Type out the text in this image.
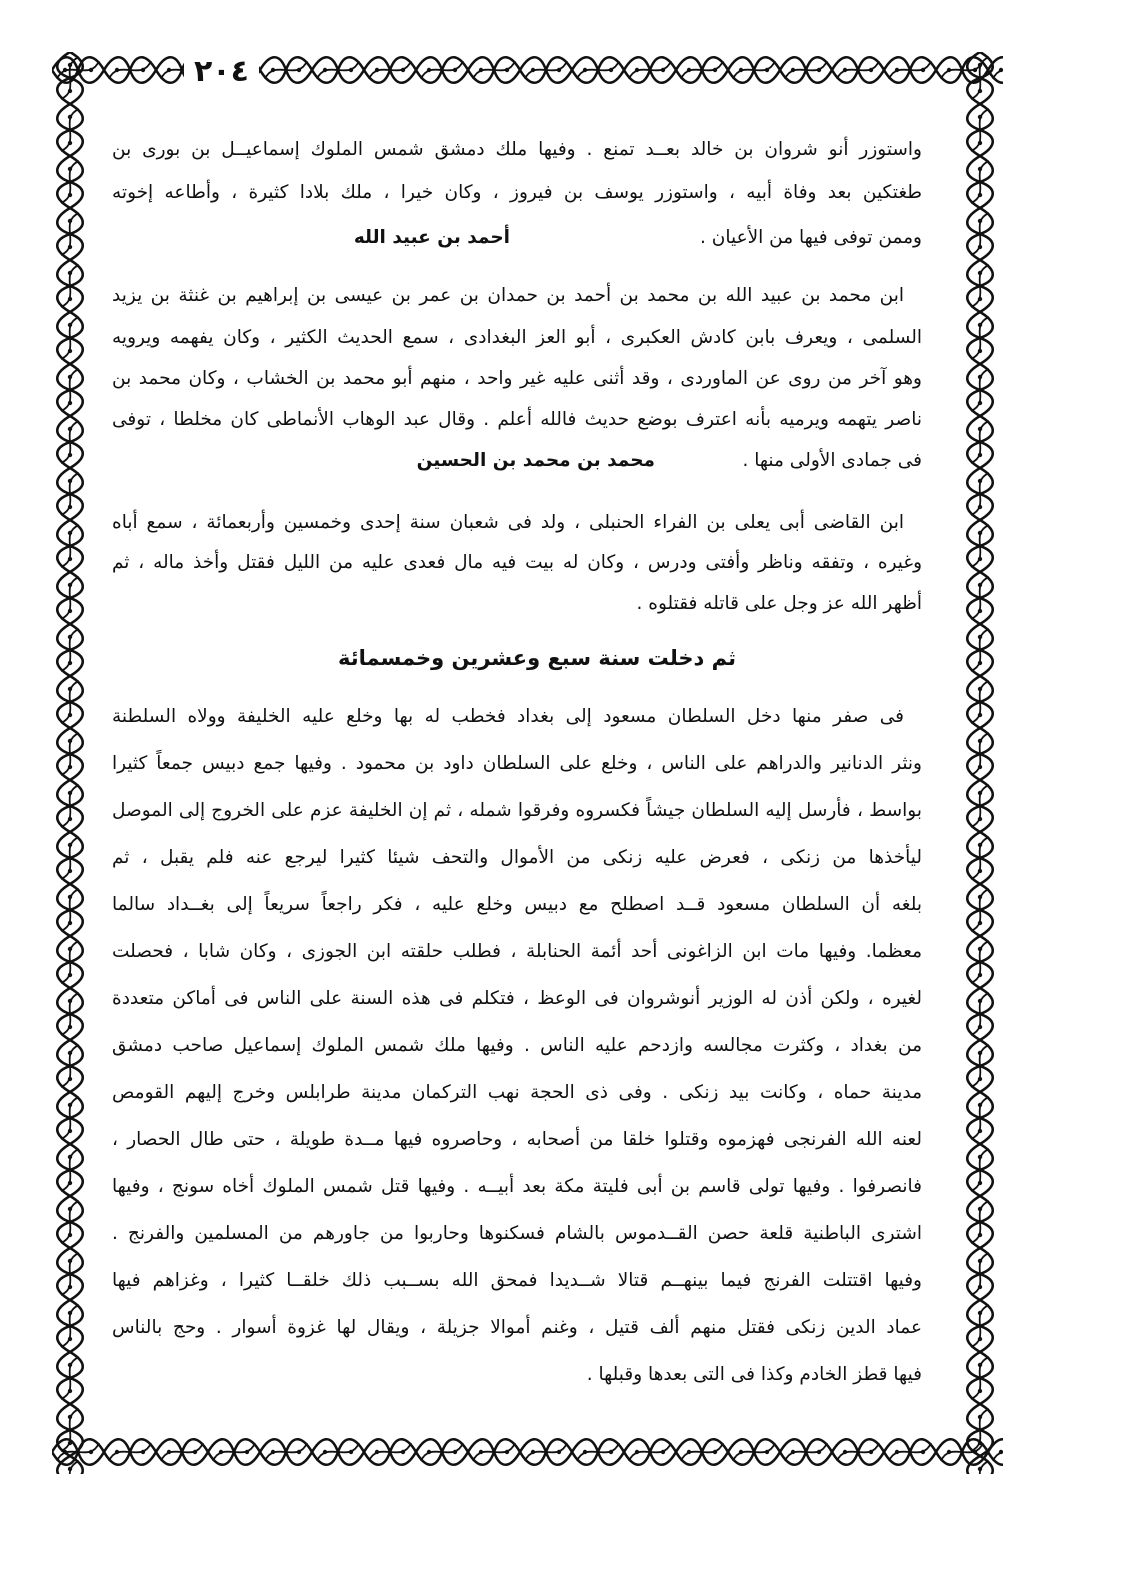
٢٠٤
واستوزر أنو شروان بن خالد بعــد تمنع . وفيها ملك دمشق شمس الملوك إسماعيــل بن بورى بن
طغتكين بعد وفاة أبيه ، واستوزر يوسف بن فيروز ، وكان خيرا ، ملك بلادا كثيرة ، وأطاعه إخوته
وممن توفى فيها من الأعيان .
أحمد بن عبيد الله
ابن محمد بن عبيد الله بن محمد بن أحمد بن حمدان بن عمر بن عيسى بن إبراهيم بن غنثة بن يزيد
السلمى ، ويعرف بابن كادش العكبرى ، أبو العز البغدادى ، سمع الحديث الكثير ، وكان يفهمه ويرويه
وهو آخر من روى عن الماوردى ، وقد أثنى عليه غير واحد ، منهم أبو محمد بن الخشاب ، وكان محمد بن
ناصر يتهمه ويرميه بأنه اعترف بوضع حديث فالله أعلم . وقال عبد الوهاب الأنماطى كان مخلطا ، توفى
فى جمادى الأولى منها .
محمد بن محمد بن الحسين
ابن القاضى أبى يعلى بن الفراء الحنبلى ، ولد فى شعبان سنة إحدى وخمسين وأربعمائة ، سمع أباه
وغيره ، وتفقه وناظر وأفتى ودرس ، وكان له بيت فيه مال فعدى عليه من الليل فقتل وأخذ ماله ، ثم
أظهر الله عز وجل على قاتله فقتلوه .
ثم دخلت سنة سبع وعشرين وخمسمائة
فى صفر منها دخل السلطان مسعود إلى بغداد فخطب له بها وخلع عليه الخليفة وولاه السلطنة
ونثر الدنانير والدراهم على الناس ، وخلع على السلطان داود بن محمود . وفيها جمع دبيس جمعاً كثيرا
بواسط ، فأرسل إليه السلطان جيشاً فكسروه وفرقوا شمله ، ثم إن الخليفة عزم على الخروج إلى الموصل
ليأخذها من زنكى ، فعرض عليه زنكى من الأموال والتحف شيئا كثيرا ليرجع عنه فلم يقبل ، ثم
بلغه أن السلطان مسعود قــد اصطلح مع دبيس وخلع عليه ، فكر راجعاً سريعاً إلى بغــداد سالما
معظما. وفيها مات ابن الزاغونى أحد أئمة الحنابلة ، فطلب حلقته ابن الجوزى ، وكان شابا ، فحصلت
لغيره ، ولكن أذن له الوزير أنوشروان فى الوعظ ، فتكلم فى هذه السنة على الناس فى أماكن متعددة
من بغداد ، وكثرت مجالسه وازدحم عليه الناس . وفيها ملك شمس الملوك إسماعيل صاحب دمشق
مدينة حماه ، وكانت بيد زنكى . وفى ذى الحجة نهب التركمان مدينة طرابلس وخرج إليهم القومص
لعنه الله الفرنجى فهزموه وقتلوا خلقا من أصحابه ، وحاصروه فيها مــدة طويلة ، حتى طال الحصار ،
فانصرفوا . وفيها تولى قاسم بن أبى فليتة مكة بعد أبيــه . وفيها قتل شمس الملوك أخاه سونج ، وفيها
اشترى الباطنية قلعة حصن القــدموس بالشام فسكنوها وحاربوا من جاورهم من المسلمين والفرنج .
وفيها اقتتلت الفرنج فيما بينهــم قتالا شــديدا فمحق الله بســبب ذلك خلقــا كثيرا ، وغزاهم فيها
عماد الدين زنكى فقتل منهم ألف قتيل ، وغنم أموالا جزيلة ، ويقال لها غزوة أسوار . وحج بالناس
فيها قطز الخادم وكذا فى التى بعدها وقبلها .
